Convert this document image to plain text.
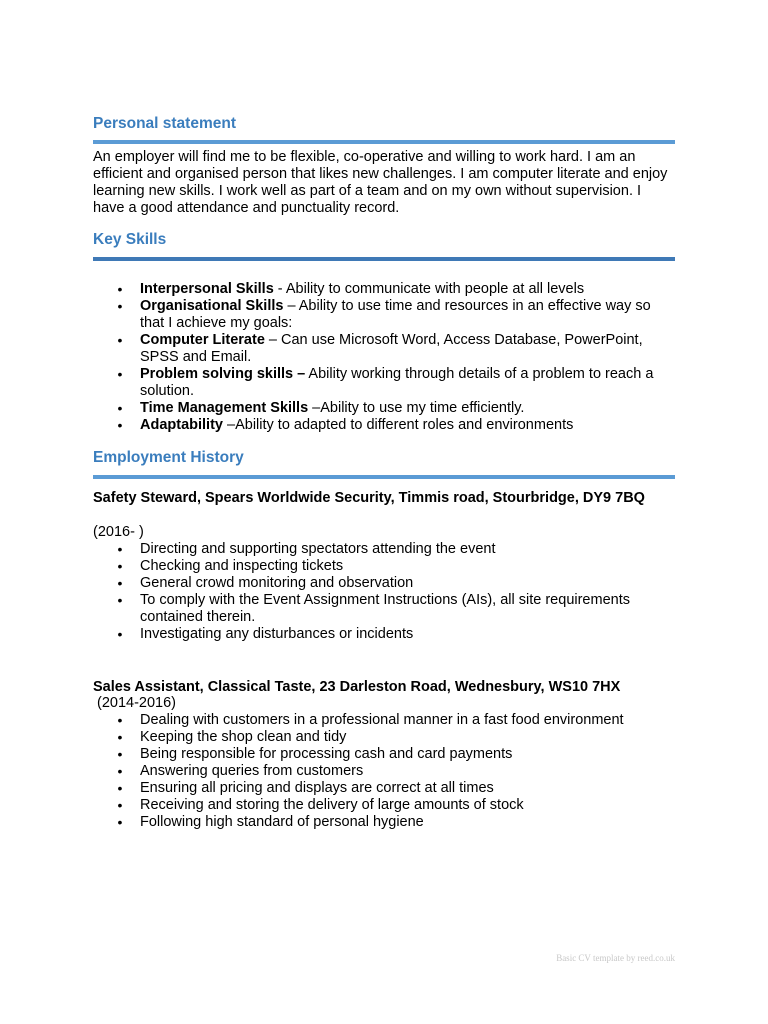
Personal statement

An employer will find me to be flexible, co-operative and willing to work hard. I am an efficient and organised person that likes new challenges. I am computer literate and enjoy learning new skills. I work well as part of a team and on my own without supervision. I have a good attendance and punctuality record.

Key Skills
• Interpersonal Skills - Ability to communicate with people at all levels
• Organisational Skills – Ability to use time and resources in an effective way so that I achieve my goals:
• Computer Literate – Can use Microsoft Word, Access Database, PowerPoint, SPSS and Email.
• Problem solving skills – Ability working through details of a problem to reach a solution.
• Time Management Skills –Ability to use my time efficiently.
• Adaptability –Ability to adapted to different roles and environments
Employment History

Safety Steward, Spears Worldwide Security, Timmis road, Stourbridge, DY9 7BQ

(2016- )
• Directing and supporting spectators attending the event
• Checking and inspecting tickets
• General crowd monitoring and observation
• To comply with the Event Assignment Instructions (AIs), all site requirements contained therein.
• Investigating any disturbances or incidents

Sales Assistant, Classical Taste, 23 Darleston Road, Wednesbury, WS10 7HX

(2014-2016)
• Dealing with customers in a professional manner in a fast food environment
• Keeping the shop clean and tidy
• Being responsible for processing cash and card payments
• Answering queries from customers
• Ensuring all pricing and displays are correct at all times
• Receiving and storing the delivery of large amounts of stock
• Following high standard of personal hygiene
Basic CV template by reed.co.uk
